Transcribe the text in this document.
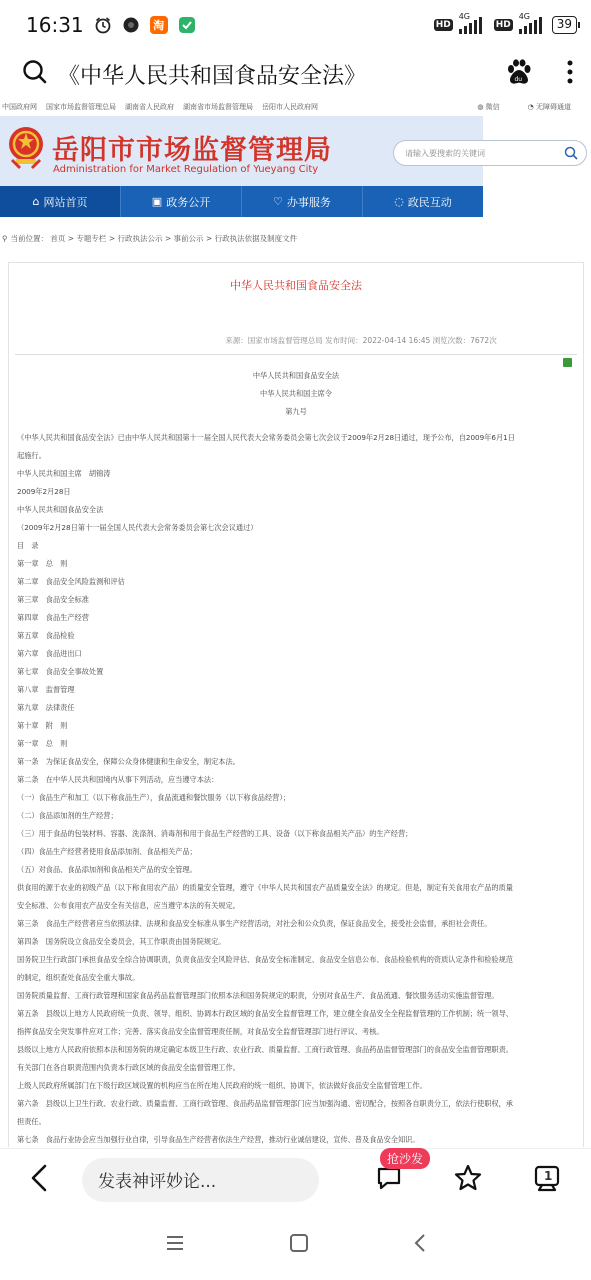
16:31	淘	HD
4G
HD
4G
39
《中华人民共和国食品安全法》	du
中国政府网 国家市场监督管理总局 湖南省人民政府 湖南省市场监督管理局 岳阳市人民政府网	◍ 微信	◔ 无障碍通道
岳阳市市场监督管理局
Administration for Market Regulation of Yueyang City
请输入要搜索的关键词
⌂ 网站首页	▣ 政务公开	♡ 办事服务	◌ 政民互动
⚲ 当前位置： 首页 > 专题专栏 > 行政执法公示 > 事前公示 > 行政执法依据及制度文件
中华人民共和国食品安全法
来源：国家市场监督管理总局 发布时间：2022-04-14 16:45 浏览次数：7672次
中华人民共和国食品安全法
中华人民共和国主席令
第九号
《中华人民共和国食品安全法》已由中华人民共和国第十一届全国人民代表大会常务委员会第七次会议于2009年2月28日通过，现予公布，自2009年6月1日
起施行。
中华人民共和国主席　胡锦涛
2009年2月28日
中华人民共和国食品安全法
（2009年2月28日第十一届全国人民代表大会常务委员会第七次会议通过）
目　录
第一章　总　则
第二章　食品安全风险监测和评估
第三章　食品安全标准
第四章　食品生产经营
第五章　食品检验
第六章　食品进出口
第七章　食品安全事故处置
第八章　监督管理
第九章　法律责任
第十章　附　则
第一章　总　则
第一条　为保证食品安全，保障公众身体健康和生命安全，制定本法。
第二条　在中华人民共和国境内从事下列活动，应当遵守本法：
（一）食品生产和加工（以下称食品生产），食品流通和餐饮服务（以下称食品经营）；
（二）食品添加剂的生产经营；
（三）用于食品的包装材料、容器、洗涤剂、消毒剂和用于食品生产经营的工具、设备（以下称食品相关产品）的生产经营；
（四）食品生产经营者使用食品添加剂、食品相关产品；
（五）对食品、食品添加剂和食品相关产品的安全管理。
供食用的源于农业的初级产品（以下称食用农产品）的质量安全管理，遵守《中华人民共和国农产品质量安全法》的规定。但是，制定有关食用农产品的质量
安全标准、公布食用农产品安全有关信息，应当遵守本法的有关规定。
第三条　食品生产经营者应当依照法律、法规和食品安全标准从事生产经营活动，对社会和公众负责，保证食品安全，接受社会监督，承担社会责任。
第四条　国务院设立食品安全委员会，其工作职责由国务院规定。
国务院卫生行政部门承担食品安全综合协调职责，负责食品安全风险评估、食品安全标准制定、食品安全信息公布、食品检验机构的资质认定条件和检验规范
的制定，组织查处食品安全重大事故。
国务院质量监督、工商行政管理和国家食品药品监督管理部门依照本法和国务院规定的职责，分别对食品生产、食品流通、餐饮服务活动实施监督管理。
第五条　县级以上地方人民政府统一负责、领导、组织、协调本行政区域的食品安全监督管理工作，建立健全食品安全全程监督管理的工作机制；统一领导、
指挥食品安全突发事件应对工作；完善、落实食品安全监督管理责任制，对食品安全监督管理部门进行评议、考核。
县级以上地方人民政府依照本法和国务院的规定确定本级卫生行政、农业行政、质量监督、工商行政管理、食品药品监督管理部门的食品安全监督管理职责。
有关部门在各自职责范围内负责本行政区域的食品安全监督管理工作。
上级人民政府所属部门在下级行政区域设置的机构应当在所在地人民政府的统一组织、协调下，依法做好食品安全监督管理工作。
第六条　县级以上卫生行政、农业行政、质量监督、工商行政管理、食品药品监督管理部门应当加强沟通、密切配合，按照各自职责分工，依法行使职权，承
担责任。
第七条　食品行业协会应当加强行业自律，引导食品生产经营者依法生产经营，推动行业诚信建设，宣传、普及食品安全知识。
发表神评妙论...
抢沙发
1
